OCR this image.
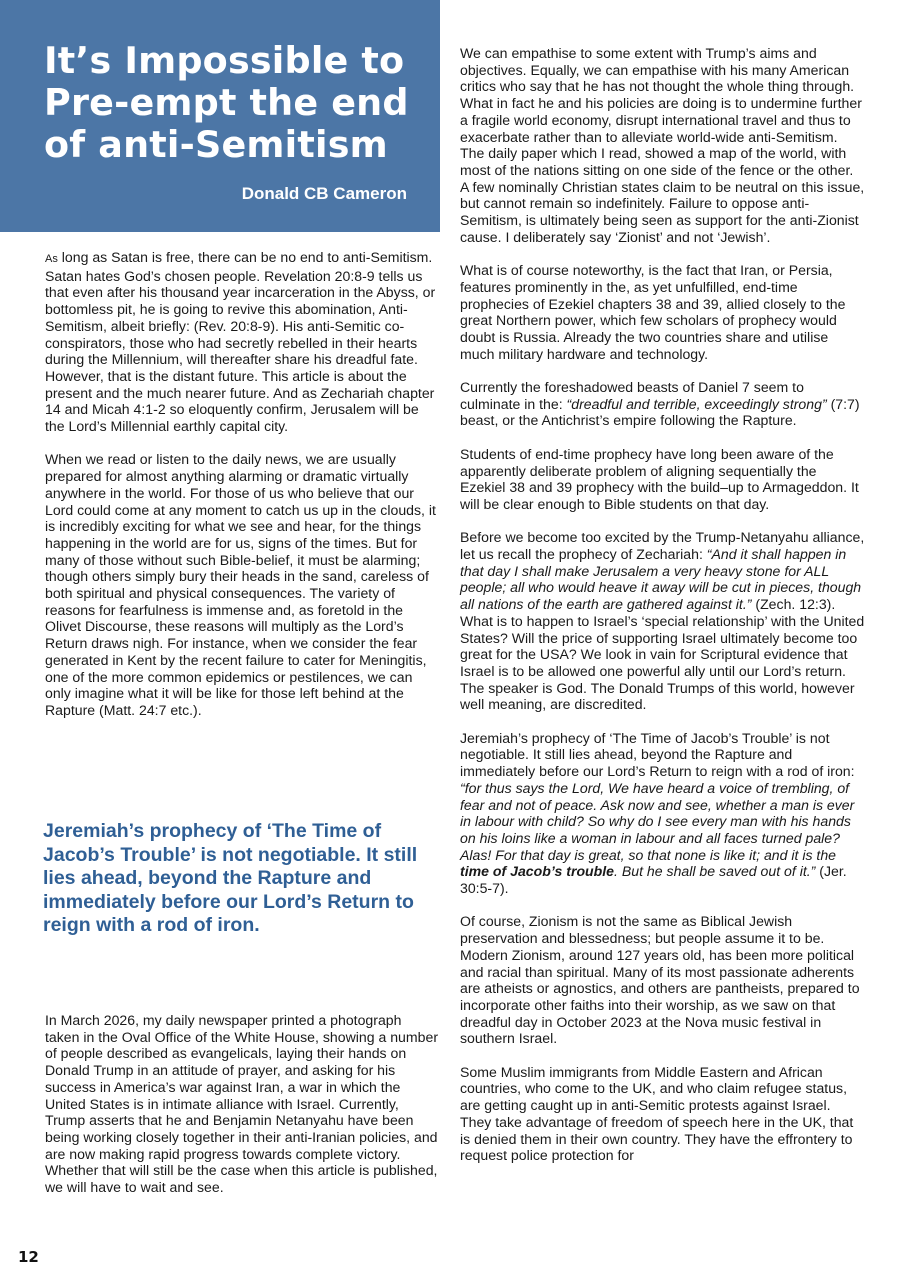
It’s Impossible to Pre-empt the end of anti-Semitism

Donald CB Cameron

As long as Satan is free, there can be no end to anti-Semitism. Satan hates God’s chosen people. Revelation 20:8-9 tells us that even after his thousand year incarceration in the Abyss, or bottomless pit, he is going to revive this abomination, Anti-Semitism, albeit briefly: (Rev. 20:8-9). His anti-Semitic co-conspirators, those who had secretly rebelled in their hearts during the Millennium, will thereafter share his dreadful fate. However, that is the distant future. This article is about the present and the much nearer future. And as Zechariah chapter 14 and Micah 4:1-2 so eloquently confirm, Jerusalem will be the Lord’s Millennial earthly capital city.

When we read or listen to the daily news, we are usually prepared for almost anything alarming or dramatic virtually anywhere in the world. For those of us who believe that our Lord could come at any moment to catch us up in the clouds, it is incredibly exciting for what we see and hear, for the things happening in the world are for us, signs of the times. But for many of those without such Bible-belief, it must be alarming; though others simply bury their heads in the sand, careless of both spiritual and physical consequences. The variety of reasons for fearfulness is immense and, as foretold in the Olivet Discourse, these reasons will multiply as the Lord’s Return draws nigh. For instance, when we consider the fear generated in Kent by the recent failure to cater for Meningitis, one of the more common epidemics or pestilences, we can only imagine what it will be like for those left behind at the Rapture (Matt. 24:7 etc.).

Jeremiah’s prophecy of ‘The Time of Jacob’s Trouble’ is not negotiable. It still lies ahead, beyond the Rapture and immediately before our Lord’s Return to reign with a rod of iron.

In March 2026, my daily newspaper printed a photograph taken in the Oval Office of the White House, showing a number of people described as evangelicals, laying their hands on Donald Trump in an attitude of prayer, and asking for his success in America’s war against Iran, a war in which the United States is in intimate alliance with Israel. Currently, Trump asserts that he and Benjamin Netanyahu have been being working closely together in their anti-Iranian policies, and are now making rapid progress towards complete victory. Whether that will still be the case when this article is published, we will have to wait and see.

We can empathise to some extent with Trump’s aims and objectives. Equally, we can empathise with his many American critics who say that he has not thought the whole thing through. What in fact he and his policies are doing is to undermine further a fragile world economy, disrupt international travel and thus to exacerbate rather than to alleviate world-wide anti-Semitism. The daily paper which I read, showed a map of the world, with most of the nations sitting on one side of the fence or the other. A few nominally Christian states claim to be neutral on this issue, but cannot remain so indefinitely. Failure to oppose anti-Semitism, is ultimately being seen as support for the anti-Zionist cause. I deliberately say ‘Zionist’ and not ‘Jewish’.

What is of course noteworthy, is the fact that Iran, or Persia, features prominently in the, as yet unfulfilled, end-time prophecies of Ezekiel chapters 38 and 39, allied closely to the great Northern power, which few scholars of prophecy would doubt is Russia. Already the two countries share and utilise much military hardware and technology.

Currently the foreshadowed beasts of Daniel 7 seem to culminate in the: “dreadful and terrible, exceedingly strong” (7:7) beast, or the Antichrist’s empire following the Rapture.

Students of end-time prophecy have long been aware of the apparently deliberate problem of aligning sequentially the Ezekiel 38 and 39 prophecy with the build–up to Armageddon. It will be clear enough to Bible students on that day.

Before we become too excited by the Trump-Netanyahu alliance, let us recall the prophecy of Zechariah: “And it shall happen in that day I shall make Jerusalem a very heavy stone for ALL people; all who would heave it away will be cut in pieces, though all nations of the earth are gathered against it.” (Zech. 12:3). What is to happen to Israel’s ‘special relationship’ with the United States? Will the price of supporting Israel ultimately become too great for the USA? We look in vain for Scriptural evidence that Israel is to be allowed one powerful ally until our Lord’s return. The speaker is God. The Donald Trumps of this world, however well meaning, are discredited.

Jeremiah’s prophecy of ‘The Time of Jacob’s Trouble’ is not negotiable. It still lies ahead, beyond the Rapture and immediately before our Lord’s Return to reign with a rod of iron: “for thus says the Lord, We have heard a voice of trembling, of fear and not of peace. Ask now and see, whether a man is ever in labour with child? So why do I see every man with his hands on his loins like a woman in labour and all faces turned pale? Alas! For that day is great, so that none is like it; and it is the time of Jacob’s trouble. But he shall be saved out of it.” (Jer. 30:5-7).

Of course, Zionism is not the same as Biblical Jewish preservation and blessedness; but people assume it to be. Modern Zionism, around 127 years old, has been more political and racial than spiritual. Many of its most passionate adherents are atheists or agnostics, and others are pantheists, prepared to incorporate other faiths into their worship, as we saw on that dreadful day in October 2023 at the Nova music festival in southern Israel.

Some Muslim immigrants from Middle Eastern and African countries, who come to the UK, and who claim refugee status, are getting caught up in anti-Semitic protests against Israel. They take advantage of freedom of speech here in the UK, that is denied them in their own country. They have the effrontery to request police protection for

12
